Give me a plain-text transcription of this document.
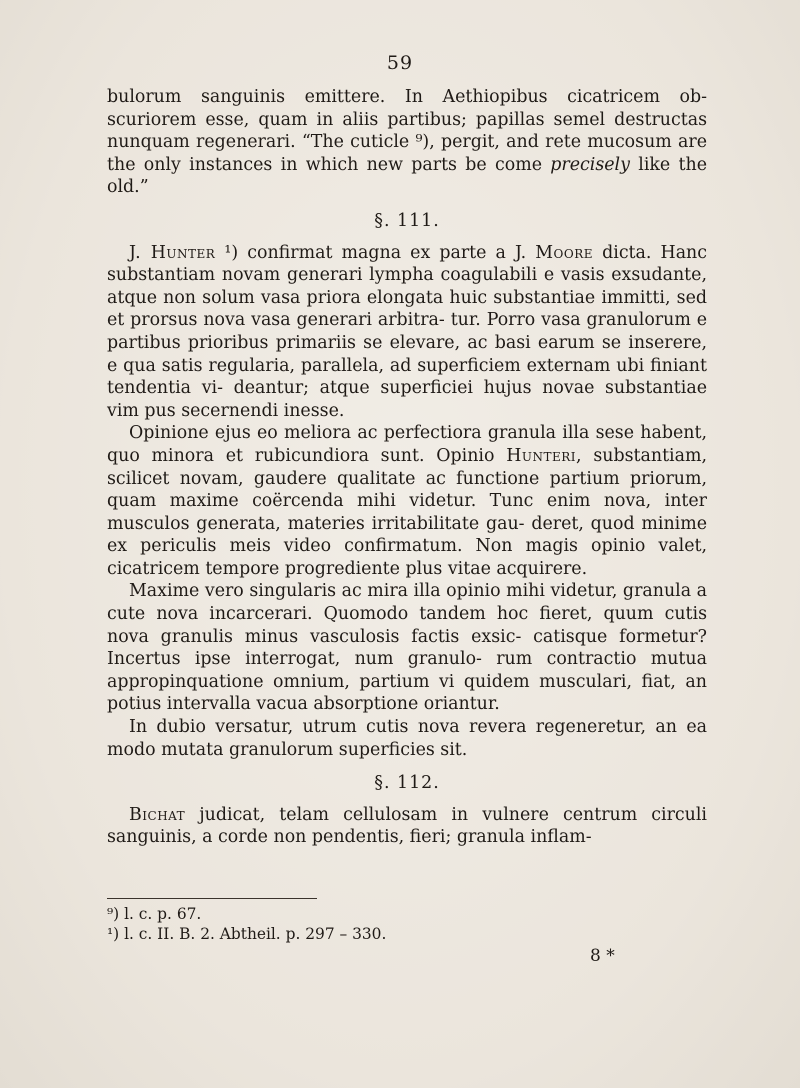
59

bulorum sanguinis emittere. In Aethiopibus cicatricem ob- scuriorem esse, quam in aliis partibus; papillas semel destructas nunquam regenerari. “The cuticle ⁹), pergit, and rete mucosum are the only instances in which new parts be come precisely like the old.”

§. 111.

J. Hunter ¹) confirmat magna ex parte a J. Moore dicta. Hanc substantiam novam generari lympha coagulabili e vasis exsudante, atque non solum vasa priora elongata huic substantiae immitti, sed et prorsus nova vasa generari arbitra- tur. Porro vasa granulorum e partibus prioribus primariis se elevare, ac basi earum se inserere, e qua satis regularia, parallela, ad superficiem externam ubi finiant tendentia vi- deantur; atque superficiei hujus novae substantiae vim pus secernendi inesse.

Opinione ejus eo meliora ac perfectiora granula illa sese habent, quo minora et rubicundiora sunt. Opinio Hunteri, substantiam, scilicet novam, gaudere qualitate ac functione partium priorum, quam maxime coërcenda mihi videtur. Tunc enim nova, inter musculos generata, materies irritabilitate gau- deret, quod minime ex periculis meis video confirmatum. Non magis opinio valet, cicatricem tempore progrediente plus vitae acquirere.

Maxime vero singularis ac mira illa opinio mihi videtur, granula a cute nova incarcerari. Quomodo tandem hoc fieret, quum cutis nova granulis minus vasculosis factis exsic- catisque formetur? Incertus ipse interrogat, num granulo- rum contractio mutua appropinquatione omnium, partium vi quidem musculari, fiat, an potius intervalla vacua absorptione oriantur.

In dubio versatur, utrum cutis nova revera regeneretur, an ea modo mutata granulorum superficies sit.

§. 112.

Bichat judicat, telam cellulosam in vulnere centrum circuli sanguinis, a corde non pendentis, fieri; granula inflam-

⁹) l. c. p. 67.

¹) l. c. II. B. 2. Abtheil. p. 297 – 330.

8 *
